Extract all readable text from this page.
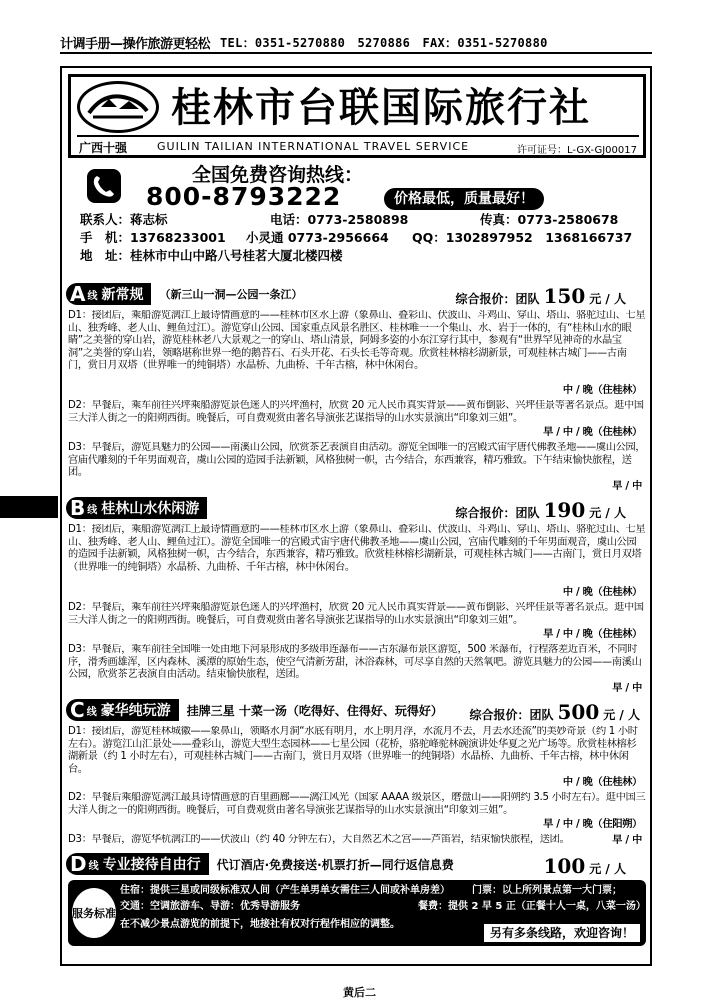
计调手册—操作旅游更轻松 TEL：0351-5270880　5270886　FAX：0351-5270880
桂林市台联国际旅行社
广西十强	GUILIN TAILIAN INTERNATIONAL TRAVEL SERVICE	许可证号：L-GX-GJ00017
全国免费咨询热线：
800-8793222	价格最低，质量最好！
联系人：蒋志标	电话：0773-2580898	传真：0773-2580678
手　机：13768233001 小灵通 0773-2956664 QQ：1302897952　1368166737
地　址：桂林市中山中路八号桂茗大厦北楼四楼
A 线 新常规 （新三山一洞—公园一条江）	综合报价：团队 150 元 / 人

D1：接团后，乘船游览漓江上最诗情画意的——桂林市区水上游（象鼻山、叠彩山、伏波山、斗鸡山、穿山、塔山、骆驼过山、七星山、独秀峰、老人山、鲤鱼过江）。游览穿山公园、国家重点风景名胜区、桂林唯一一个集山、水、岩于一体的，有“桂林山水的眼睛”之美誉的穿山岩，游览桂林老八大景观之一的穿山、塔山清景，阿姆多姿的小东江穿行其中，参观有“世界罕见神奇的水晶宝洞”之美誉的穿山岩，领略堪称世界一绝的鹅苔石、石头开花、石头长毛等奇观。欣赏桂林榕杉湖新景，可观桂林古城门——古南门，赏日月双塔（世界唯一的纯铜塔）水晶桥、九曲桥、千年古榕，林中休闲台。

中 / 晚（住桂林）

D2：早餐后，乘车前往兴坪乘船游览景色迷人的兴坪渔村，欣赏 20 元人民币真实背景——黄布倒影、兴坪佳景等著名景点。逛中国三大洋人街之一的阳朔西街。晚餐后，可自费观赏由著名导演张艺谋指导的山水实景演出“印象刘三姐”。

早 / 中 / 晚（住桂林）

D3：早餐后，游览具魅力的公园——南溪山公园，欣赏茶艺表演自由活动。游览全国唯一的宫殿式宙宇唐代佛教圣地——虞山公园，宫庙代雕刻的千年男面观音，虞山公园的造园手法新颖，风格独树一帜，古今结合，东西兼容，精巧雅致。下午结束愉快旅程，送团。

早 / 中
B 线 桂林山水休闲游	综合报价：团队 190 元 / 人

D1：接团后，乘船游览漓江上最诗情画意的——桂林市区水上游（象鼻山、叠彩山、伏波山、斗鸡山、穿山、塔山、骆驼过山、七星山、独秀峰、老人山、鲤鱼过江）。游览全国唯一的宫殿式宙宇唐代佛教圣地——虞山公园，宫庙代雕刻的千年男面观音，虞山公园的造园手法新颖，风格独树一帜，古今结合，东西兼容，精巧雅致。欣赏桂林榕杉湖新景，可观桂林古城门——古南门，赏日月双塔（世界唯一的纯铜塔）水晶桥、九曲桥、千年古榕，林中休闲台。

中 / 晚（住桂林）

D2：早餐后，乘车前往兴坪乘船游览景色迷人的兴坪渔村，欣赏 20 元人民币真实背景——黄布倒影、兴坪佳景等著名景点。逛中国三大洋人街之一的阳朔西街。晚餐后，可自费观赏由著名导演张艺谋指导的山水实景演出“印象刘三姐”。

早 / 中 / 晚（住桂林）

D3：早餐后，乘车前往全国唯一处由地下河泉形成的多级串连瀑布——古东瀑布景区游览，500 米瀑布，行程落差近百米，不同时序，滑秀画雄浑，区内森林、溪潭的原始生态，使空气清新芳甜，沐浴森林，可尽享自然的天然氧吧。游览具魅力的公园——南溪山公园，欣赏茶艺表演自由活动。结束愉快旅程，送团。

早 / 中
C 线 豪华纯玩游 挂牌三星 十菜一汤（吃得好、住得好、玩得好） 综合报价：团队 500 元 / 人

D1：接团后，游览桂林城徽——象鼻山，领略水月洞“水底有明月，水上明月浮，水流月不去，月去水还流”的美妙奇景（约 1 小时左右）。游览江山汇景处——叠彩山，游览大型生态园林——七星公园（花桥，骆驼峰驼林碗演讲处华夏之光广场等。欣赏桂林榕杉湖新景（约 1 小时左右），可观桂林古城门——古南门，赏日月双塔（世界唯一的纯铜塔）水晶桥、九曲桥、千年古榕，林中休闲台。

中 / 晚（住桂林）

D2：早餐后乘船游览漓江最具诗情画意的百里画廊——漓江风光（国家 AAAA 级景区，磨盘山——阳朔约 3.5 小时左右）。逛中国三大洋人街之一的阳朔西街。晚餐后，可自费观赏由著名导演张艺谋指导的山水实景演出“印象刘三姐”。

早 / 中 / 晚（住阳朔）

D3：早餐后，游览华杭漓江的——伏波山（约 40 分钟左右），大自然艺术之宫——芦笛岩，结束愉快旅程，送团。	早 / 中
D 线 专业接待自由行 代订酒店·免费接送·机票打折—同行返信息费	100 元 / 人
服务标准
住宿：提供三星或同级标准双人间（产生单男单女需住三人间或补单房差） 门票：以上所列景点第一大门票；
交通：空调旅游车、导游：优秀导游服务	餐费：提供 2 早 5 正（正餐十人一桌，八菜一汤）
在不减少景点游览的前提下，地接社有权对行程作相应的调整。
另有多条线路，欢迎咨询！
黄后二
